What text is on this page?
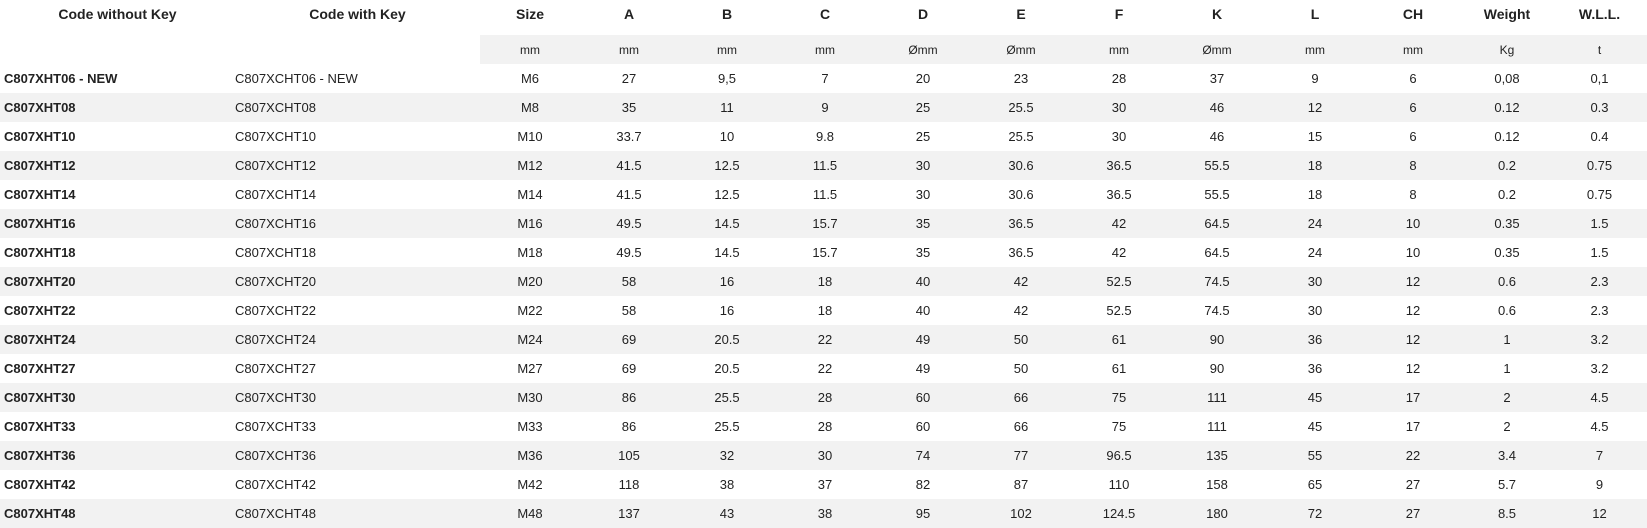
Code without Key	Code with Key	Size	A	B	C	D	E	F	K	L	CH	Weight	W.L.L.
		mm	mm	mm	mm	Ømm	Ømm	mm	Ømm	mm	mm	Kg	t
C807XHT06 - NEW	C807XCHT06 - NEW	M6	27	9,5	7	20	23	28	37	9	6	0,08	0,1
C807XHT08	C807XCHT08	M8	35	11	9	25	25.5	30	46	12	6	0.12	0.3
C807XHT10	C807XCHT10	M10	33.7	10	9.8	25	25.5	30	46	15	6	0.12	0.4
C807XHT12	C807XCHT12	M12	41.5	12.5	11.5	30	30.6	36.5	55.5	18	8	0.2	0.75
C807XHT14	C807XCHT14	M14	41.5	12.5	11.5	30	30.6	36.5	55.5	18	8	0.2	0.75
C807XHT16	C807XCHT16	M16	49.5	14.5	15.7	35	36.5	42	64.5	24	10	0.35	1.5
C807XHT18	C807XCHT18	M18	49.5	14.5	15.7	35	36.5	42	64.5	24	10	0.35	1.5
C807XHT20	C807XCHT20	M20	58	16	18	40	42	52.5	74.5	30	12	0.6	2.3
C807XHT22	C807XCHT22	M22	58	16	18	40	42	52.5	74.5	30	12	0.6	2.3
C807XHT24	C807XCHT24	M24	69	20.5	22	49	50	61	90	36	12	1	3.2
C807XHT27	C807XCHT27	M27	69	20.5	22	49	50	61	90	36	12	1	3.2
C807XHT30	C807XCHT30	M30	86	25.5	28	60	66	75	111	45	17	2	4.5
C807XHT33	C807XCHT33	M33	86	25.5	28	60	66	75	111	45	17	2	4.5
C807XHT36	C807XCHT36	M36	105	32	30	74	77	96.5	135	55	22	3.4	7
C807XHT42	C807XCHT42	M42	118	38	37	82	87	110	158	65	27	5.7	9
C807XHT48	C807XCHT48	M48	137	43	38	95	102	124.5	180	72	27	8.5	12
